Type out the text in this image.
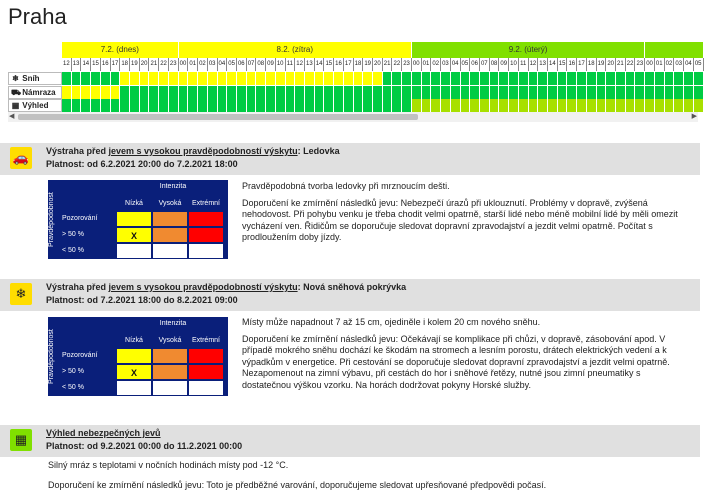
Praha
7.2. (dnes)	8.2. (zítra)	9.2. (úterý)
12 13 14 15 16 17 18 19 20 21 22 23 00 01 02 03 04 05 06 07 08 09 10 11 12 13 14 15 16 17 18 19 20 21 22 23 00 01 02 03 04 05 06 07 08 09 10 11 12 13 14 15 16 17 18 19 20 21 22 23 00 01 02 03 04 05
❄ Sníh
⛟ Námraza
▦ Výhled
◀	▶
🚗	Výstraha před jevem s vysokou pravděpodobností výskytu: Ledovka
Platnost: od 6.2.2021 20:00 do 7.2.2021 18:00
Pravděpodobnost
Intenzita
Nízká	Vysoká	Extrémní
Pozorování
> 50 %	X
< 50 %

Pravděpodobná tvorba ledovky při mrznoucím dešti.

Doporučení ke zmírnění následků jevu: Nebezpečí úrazů při uklouznutí. Problémy v dopravě, zvýšená nehodovost. Při pohybu venku je třeba chodit velmi opatrně, starší lidé nebo méně mobilní lidé by měli omezit vycházení ven. Řidičům se doporučuje sledovat dopravní zpravodajství a jezdit velmi opatrně. Počítat s prodloužením doby jízdy.

❄	Výstraha před jevem s vysokou pravděpodobností výskytu: Nová sněhová pokrývka
Platnost: od 7.2.2021 18:00 do 8.2.2021 09:00
Pravděpodobnost
Intenzita
Nízká	Vysoká	Extrémní
Pozorování
> 50 %	X
< 50 %

Místy může napadnout 7 až 15 cm, ojediněle i kolem 20 cm nového sněhu.

Doporučení ke zmírnění následků jevu: Očekávají se komplikace při chůzi, v dopravě, zásobování apod. V případě mokrého sněhu dochází ke škodám na stromech a lesním porostu, drátech elektrických vedení a k výpadkům v energetice. Při cestování se doporučuje sledovat dopravní zpravodajství a jezdit velmi opatrně. Nezapomenout na zimní výbavu, při cestách do hor i sněhové řetězy, nutné jsou zimní pneumatiky s dostatečnou výškou vzorku. Na horách dodržovat pokyny Horské služby.

▦	Výhled nebezpečných jevů
Platnost: od 9.2.2021 00:00 do 11.2.2021 00:00

Silný mráz s teplotami v nočních hodinách místy pod -12 °C.

Doporučení ke zmírnění následků jevu: Toto je předběžné varování, doporučujeme sledovat upřesňované předpovědi počasí.
